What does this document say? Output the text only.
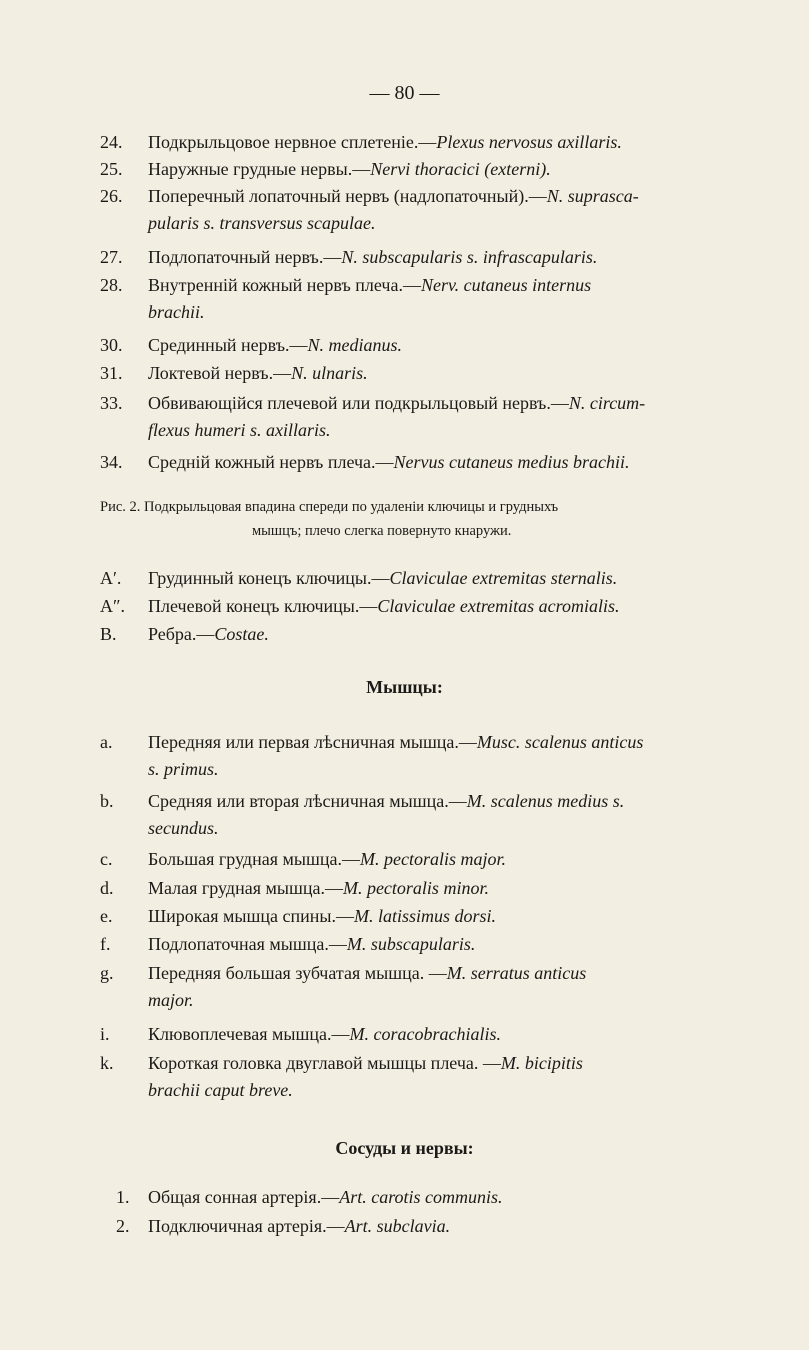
— 80 —
24.	Подкрыльцовое нервное сплетенie.—Plexus nervosus axillaris.
25.	Наружные грудные нервы.—Nervi thoracici (externi).
26.	Поперечный лопаточный нервъ (надлопаточный).—N. suprasca-
pularis s. transversus scapulae.
27.	Подлопаточный нервъ.—N. subscapularis s. infrascapularis.
28.	Внутреннiй кожный нервъ плеча.—Nerv. cutaneus internus
brachii.
30.	Срединный нервъ.—N. medianus.
31.	Локтевой нервъ.—N. ulnaris.
33.	Обвивающiйся плечевой или подкрыльцовый нервъ.—N. circum-
flexus humeri s. axillaris.
34.	Среднiй кожный нервъ плеча.—Nervus cutaneus medius brachii.
Рис. 2. Подкрыльцовая впадина спереди по удаленiи ключицы и грудныхъ
мышцъ; плечо слегка повернуто кнаружи.
A′.	Грудинный конецъ ключицы.—Claviculae extremitas sternalis.
A″.	Плечевой конецъ ключицы.—Claviculae extremitas acromialis.
B.	Ребра.—Costae.
Мышцы:
a.	Передняя или первая лѣсничная мышца.—Musc. scalenus anticus
s. primus.
b.	Средняя или вторая лѣсничная мышца.—M. scalenus medius s.
secundus.
c.	Большая грудная мышца.—M. pectoralis major.
d.	Малая грудная мышца.—M. pectoralis minor.
e.	Широкая мышца спины.—M. latissimus dorsi.
f.	Подлопаточная мышца.—M. subscapularis.
g.	Передняя большая зубчатая мышца. —M. serratus anticus
major.
i.	Клювоплечевая мышца.—M. coracobrachialis.
k.	Короткая головка двуглавой мышцы плеча. —M. bicipitis
brachii caput breve.
Сосуды и нервы:
1.	Общая сонная артерiя.—Art. carotis communis.
2.	Подключичная артерiя.—Art. subclavia.
